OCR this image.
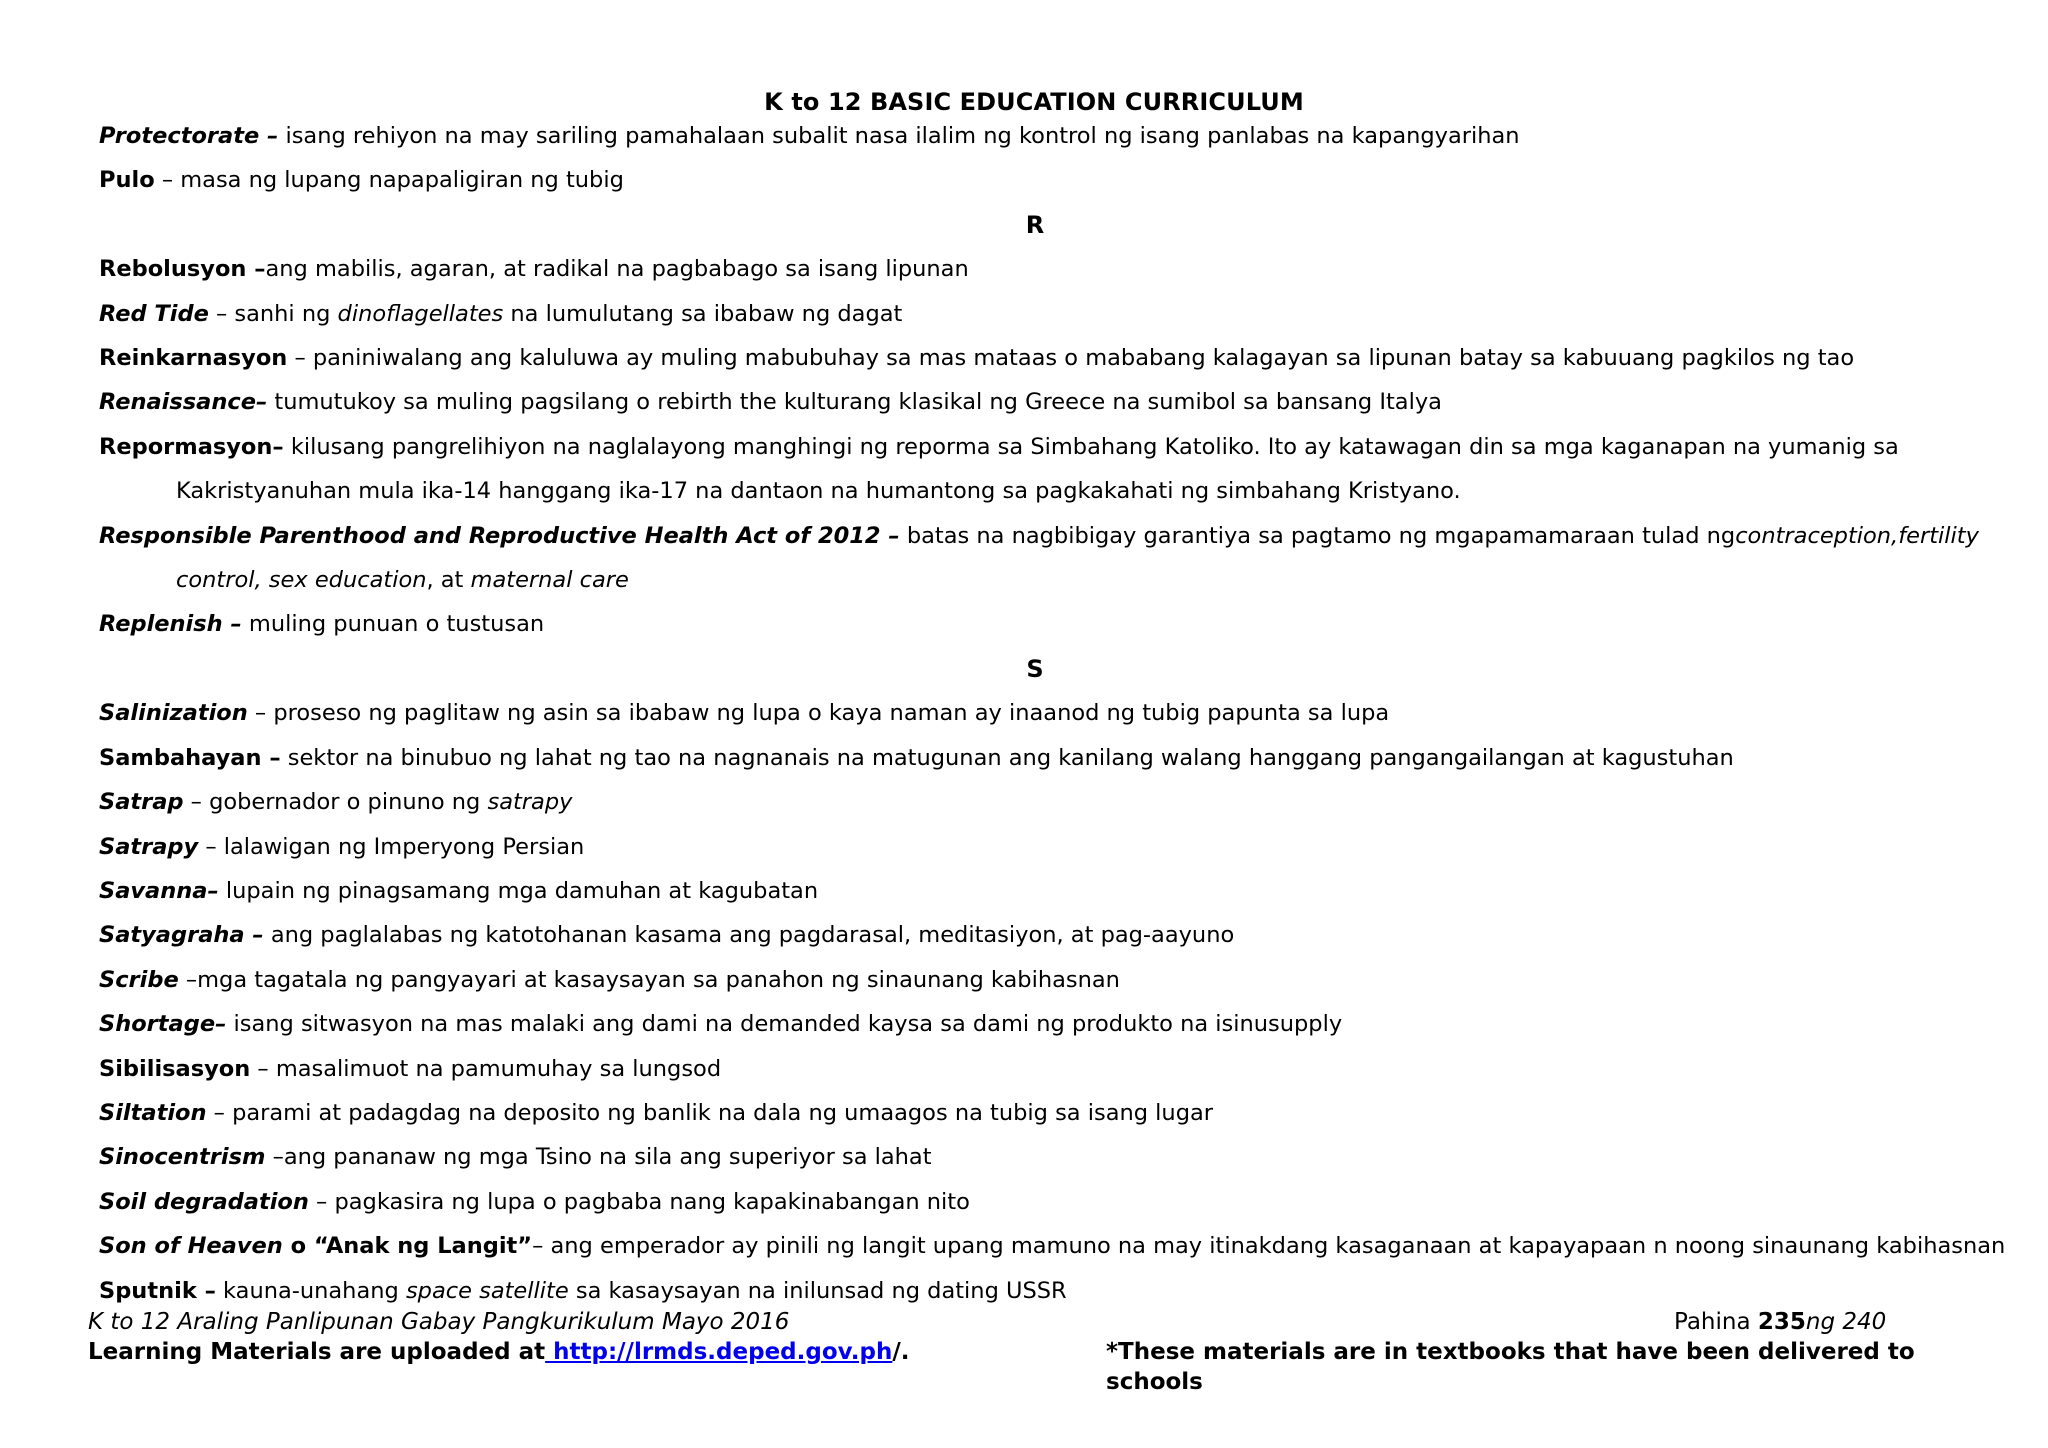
K to 12 BASIC EDUCATION CURRICULUM
Protectorate – isang rehiyon na may sariling pamahalaan subalit nasa ilalim ng kontrol ng isang panlabas na kapangyarihan
Pulo – masa ng lupang napapaligiran ng tubig
R
Rebolusyon –ang mabilis, agaran, at radikal na pagbabago sa isang lipunan
Red Tide – sanhi ng dinoflagellates na lumulutang sa ibabaw ng dagat
Reinkarnasyon – paniniwalang ang kaluluwa ay muling mabubuhay sa mas mataas o mababang kalagayan sa lipunan batay sa kabuuang pagkilos ng tao
Renaissance– tumutukoy sa muling pagsilang o rebirth the kulturang klasikal ng Greece na sumibol sa bansang Italya
Repormasyon– kilusang pangrelihiyon na naglalayong manghingi ng reporma sa Simbahang Katoliko. Ito ay katawagan din sa mga kaganapan na yumanig sa
Kakristyanuhan mula ika-14 hanggang ika-17 na dantaon na humantong sa pagkakahati ng simbahang Kristyano.
Responsible Parenthood and Reproductive Health Act of 2012 – batas na nagbibigay garantiya sa pagtamo ng mgapamamaraan tulad ngcontraception,fertility
control, sex education, at maternal care
Replenish – muling punuan o tustusan
S
Salinization – proseso ng paglitaw ng asin sa ibabaw ng lupa o kaya naman ay inaanod ng tubig papunta sa lupa
Sambahayan – sektor na binubuo ng lahat ng tao na nagnanais na matugunan ang kanilang walang hanggang pangangailangan at kagustuhan
Satrap – gobernador o pinuno ng satrapy
Satrapy – lalawigan ng Imperyong Persian
Savanna– lupain ng pinagsamang mga damuhan at kagubatan
Satyagraha – ang paglalabas ng katotohanan kasama ang pagdarasal, meditasiyon, at pag-aayuno
Scribe –mga tagatala ng pangyayari at kasaysayan sa panahon ng sinaunang kabihasnan
Shortage– isang sitwasyon na mas malaki ang dami na demanded kaysa sa dami ng produkto na isinusupply
Sibilisasyon – masalimuot na pamumuhay sa lungsod
Siltation – parami at padagdag na deposito ng banlik na dala ng umaagos na tubig sa isang lugar
Sinocentrism –ang pananaw ng mga Tsino na sila ang superiyor sa lahat
Soil degradation – pagkasira ng lupa o pagbaba nang kapakinabangan nito
Son of Heaven o “Anak ng Langit”– ang emperador ay pinili ng langit upang mamuno na may itinakdang kasaganaan at kapayapaan n noong sinaunang kabihasnan
Sputnik – kauna-unahang space satellite sa kasaysayan na inilunsad ng dating USSR
K to 12 Araling Panlipunan Gabay Pangkurikulum Mayo 2016	Pahina 235ng 240
Learning Materials are uploaded at http://lrmds.deped.gov.ph/.	*These materials are in textbooks that have been delivered to schools
